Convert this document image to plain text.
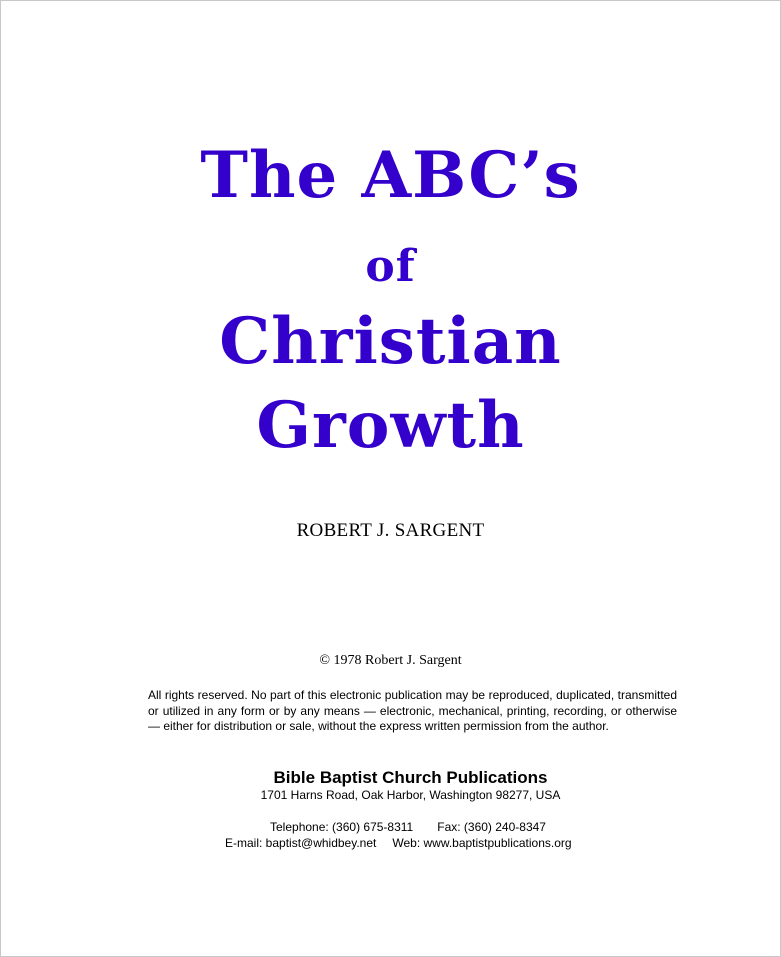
The ABC’s
of
Christian
Growth
ROBERT J. SARGENT
© 1978 Robert J. Sargent
All rights reserved. No part of this electronic publication may be reproduced, duplicated, transmitted or utilized in any form or by any means — electronic, mechanical, printing, recording, or otherwise — either for distribution or sale, without the express written permission from the author.
Bible Baptist Church Publications
1701 Harns Road, Oak Harbor, Washington 98277, USA
Telephone: (360) 675-8311 Fax: (360) 240-8347
E-mail: baptist@whidbey.net Web: www.baptistpublications.org
